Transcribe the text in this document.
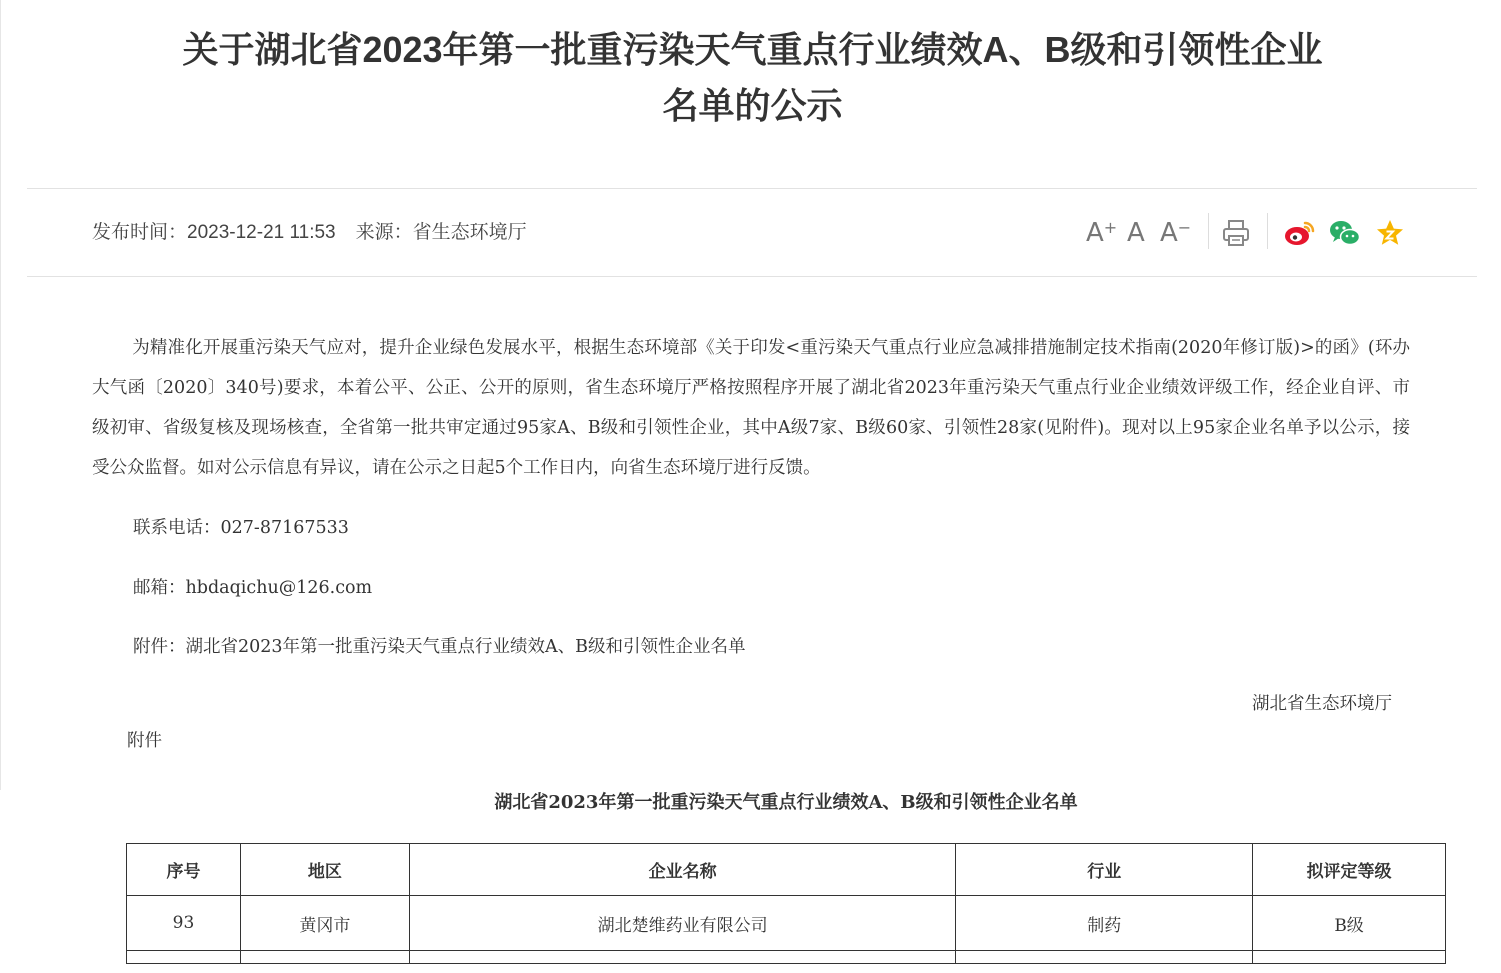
关于湖北省2023年第一批重污染天气重点行业绩效A、B级和引领性企业
名单的公示
发布时间：2023-12-21 11:53 来源：省生态环境厅	A+ A A−
为精准化开展重污染天气应对，提升企业绿色发展水平，根据生态环境部《关于印发<重污染天气重点行业应急减排措施制定技术指南(2020年修订版)>的函》(环办大气函〔2020〕340号)要求，本着公平、公正、公开的原则，省生态环境厅严格按照程序开展了湖北省2023年重污染天气重点行业企业绩效评级工作，经企业自评、市级初审、省级复核及现场核查，全省第一批共审定通过95家A、B级和引领性企业，其中A级7家、B级60家、引领性28家(见附件)。现对以上95家企业名单予以公示，接受公众监督。如对公示信息有异议，请在公示之日起5个工作日内，向省生态环境厅进行反馈。
联系电话：027-87167533
邮箱：hbdaqichu@126.com
附件：湖北省2023年第一批重污染天气重点行业绩效A、B级和引领性企业名单
湖北省生态环境厅
附件
湖北省2023年第一批重污染天气重点行业绩效A、B级和引领性企业名单
序号	地区	企业名称	行业	拟评定等级
93	黄冈市	湖北楚维药业有限公司	制药	B级
